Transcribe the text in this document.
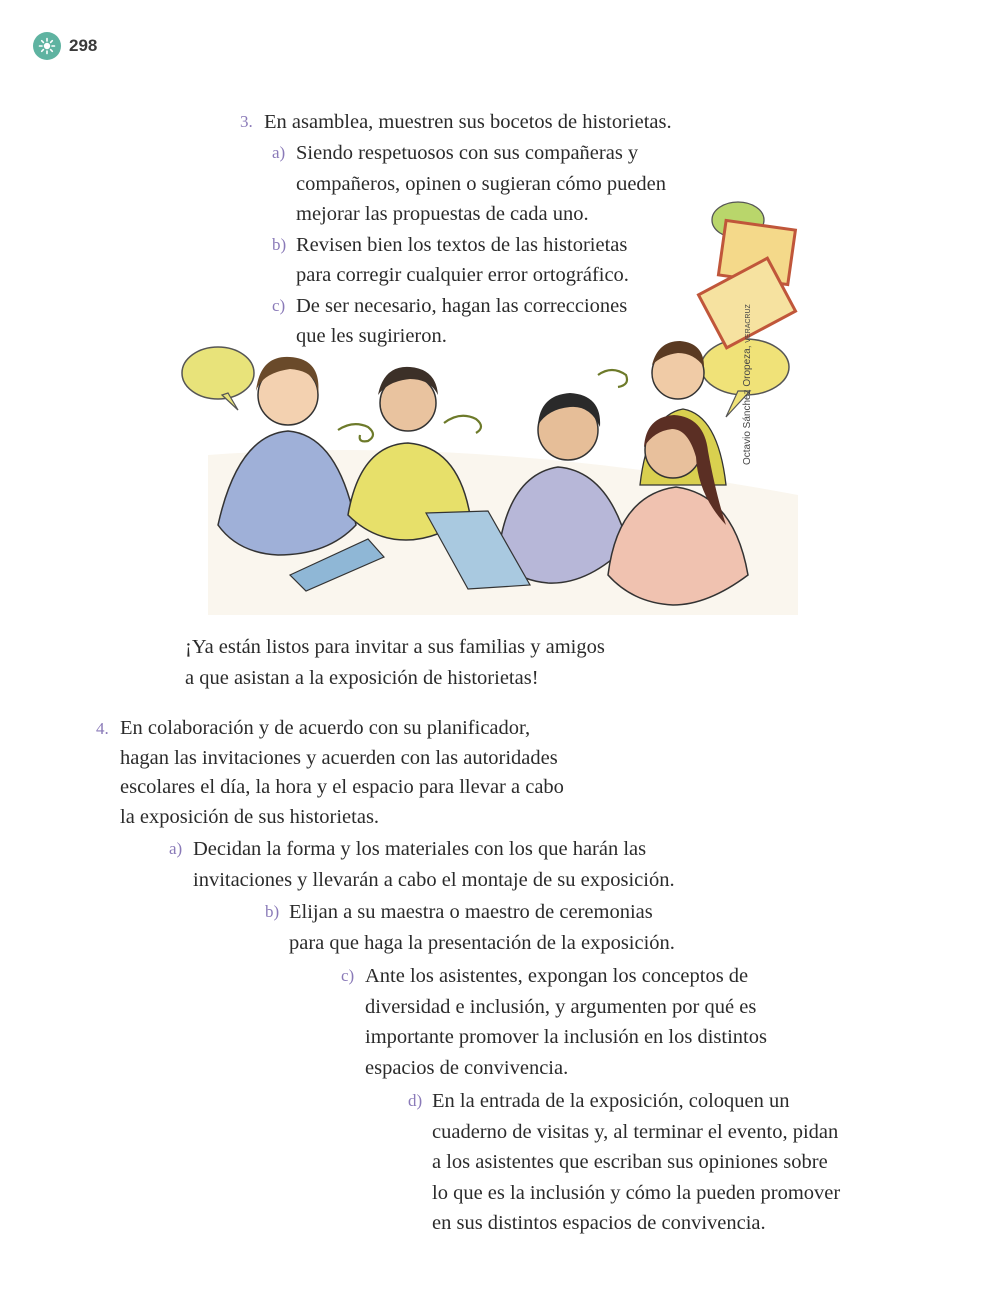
298
3. En asamblea, muestren sus bocetos de historietas.
a) Siendo respetuosos con sus compañeras y
compañeros, opinen o sugieran cómo pueden
mejorar las propuestas de cada uno.
b) Revisen bien los textos de las historietas
para corregir cualquier error ortográfico.
c) De ser necesario, hagan las correcciones
que les sugirieron.
Octavio Sánchez Oropeza, VERACRUZ
¡Ya están listos para invitar a sus familias y amigos
a que asistan a la exposición de historietas!
4. En colaboración y de acuerdo con su planificador,
hagan las invitaciones y acuerden con las autoridades
escolares el día, la hora y el espacio para llevar a cabo
la exposición de sus historietas.
a) Decidan la forma y los materiales con los que harán las
invitaciones y llevarán a cabo el montaje de su exposición.
b) Elijan a su maestra o maestro de ceremonias
para que haga la presentación de la exposición.
c) Ante los asistentes, expongan los conceptos de
diversidad e inclusión, y argumenten por qué es
importante promover la inclusión en los distintos
espacios de convivencia.
d) En la entrada de la exposición, coloquen un
cuaderno de visitas y, al terminar el evento, pidan
a los asistentes que escriban sus opiniones sobre
lo que es la inclusión y cómo la pueden promover
en sus distintos espacios de convivencia.
